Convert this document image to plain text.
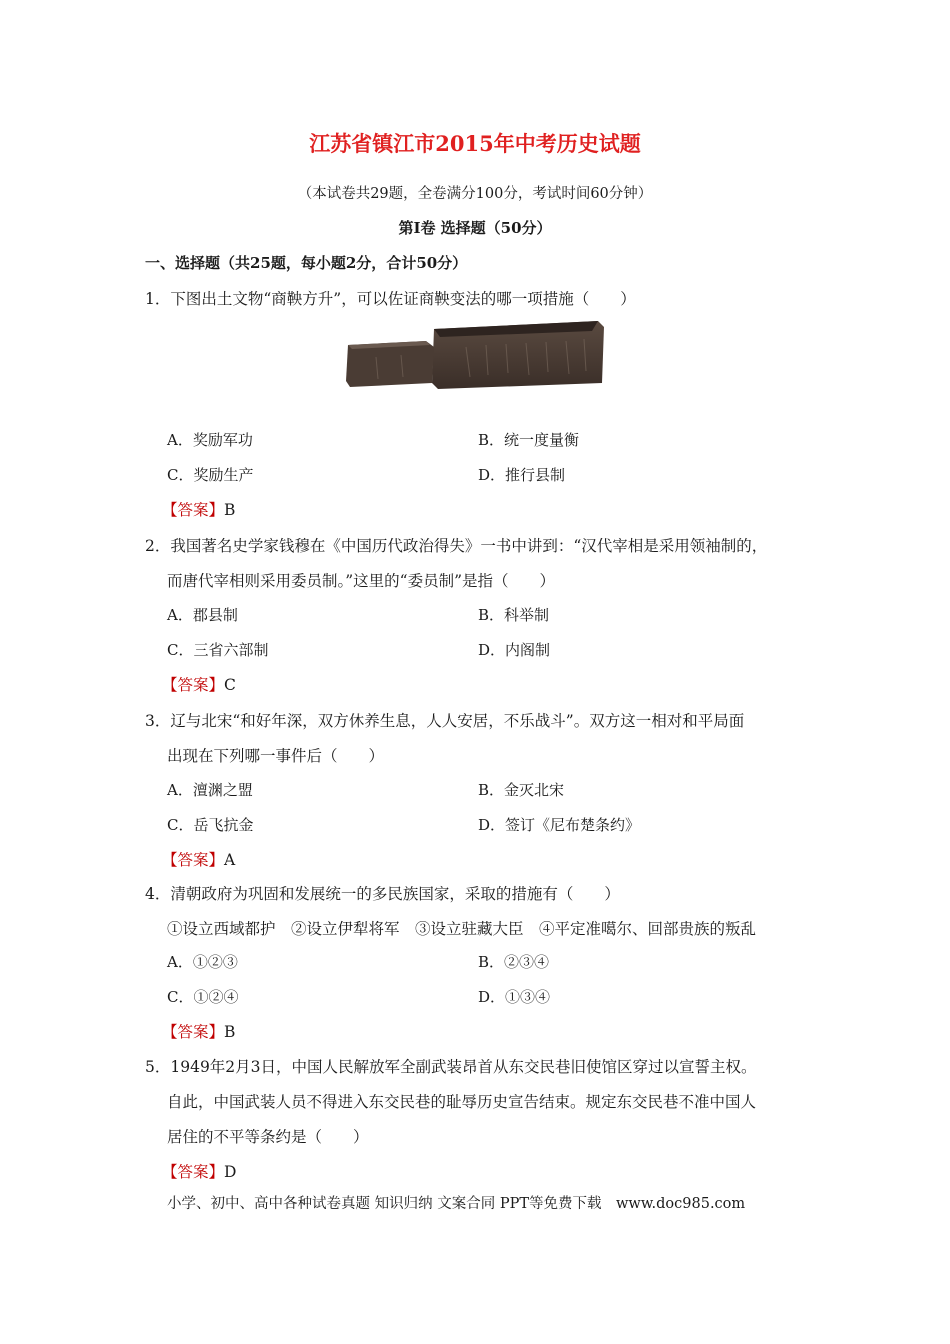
江苏省镇江市2015年中考历史试题
（本试卷共29题，全卷满分100分，考试时间60分钟）
第Ⅰ卷 选择题（50分）
一、选择题（共25题，每小题2分，合计50分）
1．下图出土文物“商鞅方升”，可以佐证商鞅变法的哪一项措施（　　）
A．奖励军功	B．统一度量衡
C．奖励生产	D．推行县制
【答案】B
2．我国著名史学家钱穆在《中国历代政治得失》一书中讲到：“汉代宰相是采用领袖制的，
而唐代宰相则采用委员制。”这里的“委员制”是指（　　）
A．郡县制	B．科举制
C．三省六部制	D．内阁制
【答案】C
3．辽与北宋“和好年深，双方休养生息，人人安居，不乐战斗”。双方这一相对和平局面
出现在下列哪一事件后（　　）
A．澶渊之盟	B．金灭北宋
C．岳飞抗金	D．签订《尼布楚条约》
【答案】A
4．清朝政府为巩固和发展统一的多民族国家，采取的措施有（　　）
①设立西域都护　②设立伊犁将军　③设立驻藏大臣　④平定准噶尔、回部贵族的叛乱
A．①②③	B．②③④
C．①②④	D．①③④
【答案】B
5．1949年2月3日，中国人民解放军全副武装昂首从东交民巷旧使馆区穿过以宣誓主权。
自此，中国武装人员不得进入东交民巷的耻辱历史宣告结束。规定东交民巷不准中国人
居住的不平等条约是（　　）
【答案】D
小学、初中、高中各种试卷真题 知识归纳 文案合同 PPT等免费下载　www.doc985.com
